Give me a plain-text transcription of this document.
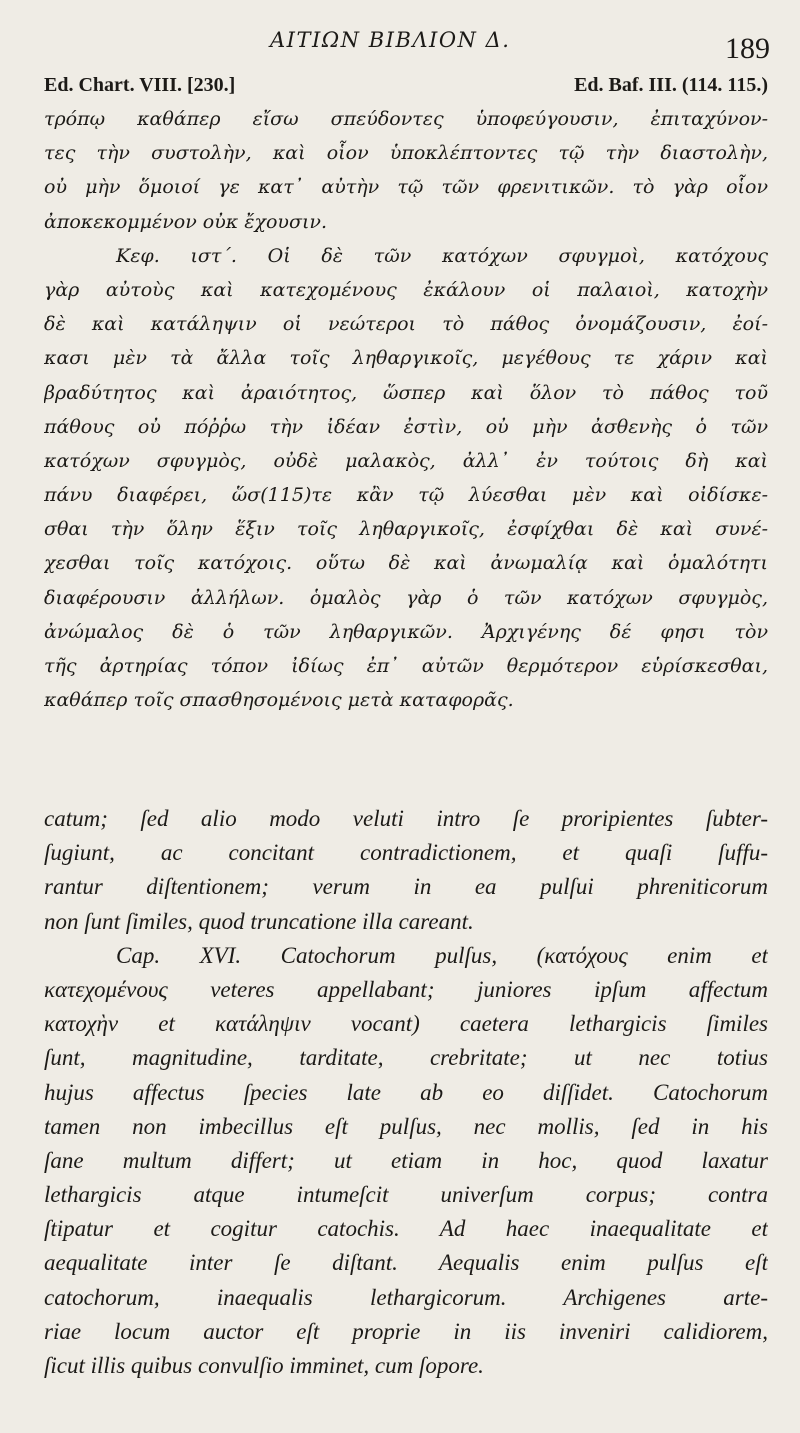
ΑΙΤΙΩΝ ΒΙΒΛΙΟΝ Δ.	189
Ed. Chart. VIII. [230.]	Ed. Baf. III. (114. 115.)
τρόπῳ καθάπερ εἴσω σπεύδοντες ὑποφεύγουσιν, ἐπιταχύνον-
τες τὴν συστολὴν, καὶ οἷον ὑποκλέπτοντες τῷ τὴν διαστολὴν,
οὐ μὴν ὅμοιοί γε κατ᾽ αὐτὴν τῷ τῶν φρενιτικῶν. τὸ γὰρ οἷον
ἀποκεκομμένον οὐκ ἔχουσιν.
Κεφ. ιστ΄. Οἱ δὲ τῶν κατόχων σφυγμοὶ, κατόχους
γὰρ αὐτοὺς καὶ κατεχομένους ἐκάλουν οἱ παλαιοὶ, κατοχὴν
δὲ καὶ κατάληψιν οἱ νεώτεροι τὸ πάθος ὀνομάζουσιν, ἐοί-
κασι μὲν τὰ ἄλλα τοῖς ληθαργικοῖς, μεγέθους τε χάριν καὶ
βραδύτητος καὶ ἀραιότητος, ὥσπερ καὶ ὅλον τὸ πάθος τοῦ
πάθους οὐ πόῤῥω τὴν ἰδέαν ἐστὶν, οὐ μὴν ἀσθενὴς ὁ τῶν
κατόχων σφυγμὸς, οὐδὲ μαλακὸς, ἀλλ᾽ ἐν τούτοις δὴ καὶ
πάνυ διαφέρει, ὥσ(115)τε κἂν τῷ λύεσθαι μὲν καὶ οἰδίσκε-
σθαι τὴν ὅλην ἕξιν τοῖς ληθαργικοῖς, ἐσφίχθαι δὲ καὶ συνέ-
χεσθαι τοῖς κατόχοις. οὕτω δὲ καὶ ἀνωμαλίᾳ καὶ ὁμαλότητι
διαφέρουσιν ἀλλήλων. ὁμαλὸς γὰρ ὁ τῶν κατόχων σφυγμὸς,
ἀνώμαλος δὲ ὁ τῶν ληθαργικῶν. Ἀρχιγένης δέ φησι τὸν
τῆς ἀρτηρίας τόπον ἰδίως ἐπ᾽ αὐτῶν θερμότερον εὑρίσκεσθαι,
καθάπερ τοῖς σπασθησομένοις μετὰ καταφορᾶς.
catum; ſed alio modo veluti intro ſe proripientes ſubter-
ſugiunt, ac concitant contradictionem, et quaſi ſuffu-
rantur diſtentionem; verum in ea pulſui phreniticorum
non ſunt ſimiles, quod truncatione illa careant.
Cap. XVI. Catochorum pulſus, (κατόχους enim et
κατεχομένους veteres appellabant; juniores ipſum affectum
κατοχὴν et κατάληψιν vocant) caetera lethargicis ſimiles
ſunt, magnitudine, tarditate, crebritate; ut nec totius
hujus affectus ſpecies late ab eo diſſidet. Catochorum
tamen non imbecillus eſt pulſus, nec mollis, ſed in his
ſane multum differt; ut etiam in hoc, quod laxatur
lethargicis atque intumeſcit univerſum corpus; contra
ſtipatur et cogitur catochis. Ad haec inaequalitate et
aequalitate inter ſe diſtant. Aequalis enim pulſus eſt
catochorum, inaequalis lethargicorum. Archigenes arte-
riae locum auctor eſt proprie in iis inveniri calidiorem,
ſicut illis quibus convulſio imminet, cum ſopore.
